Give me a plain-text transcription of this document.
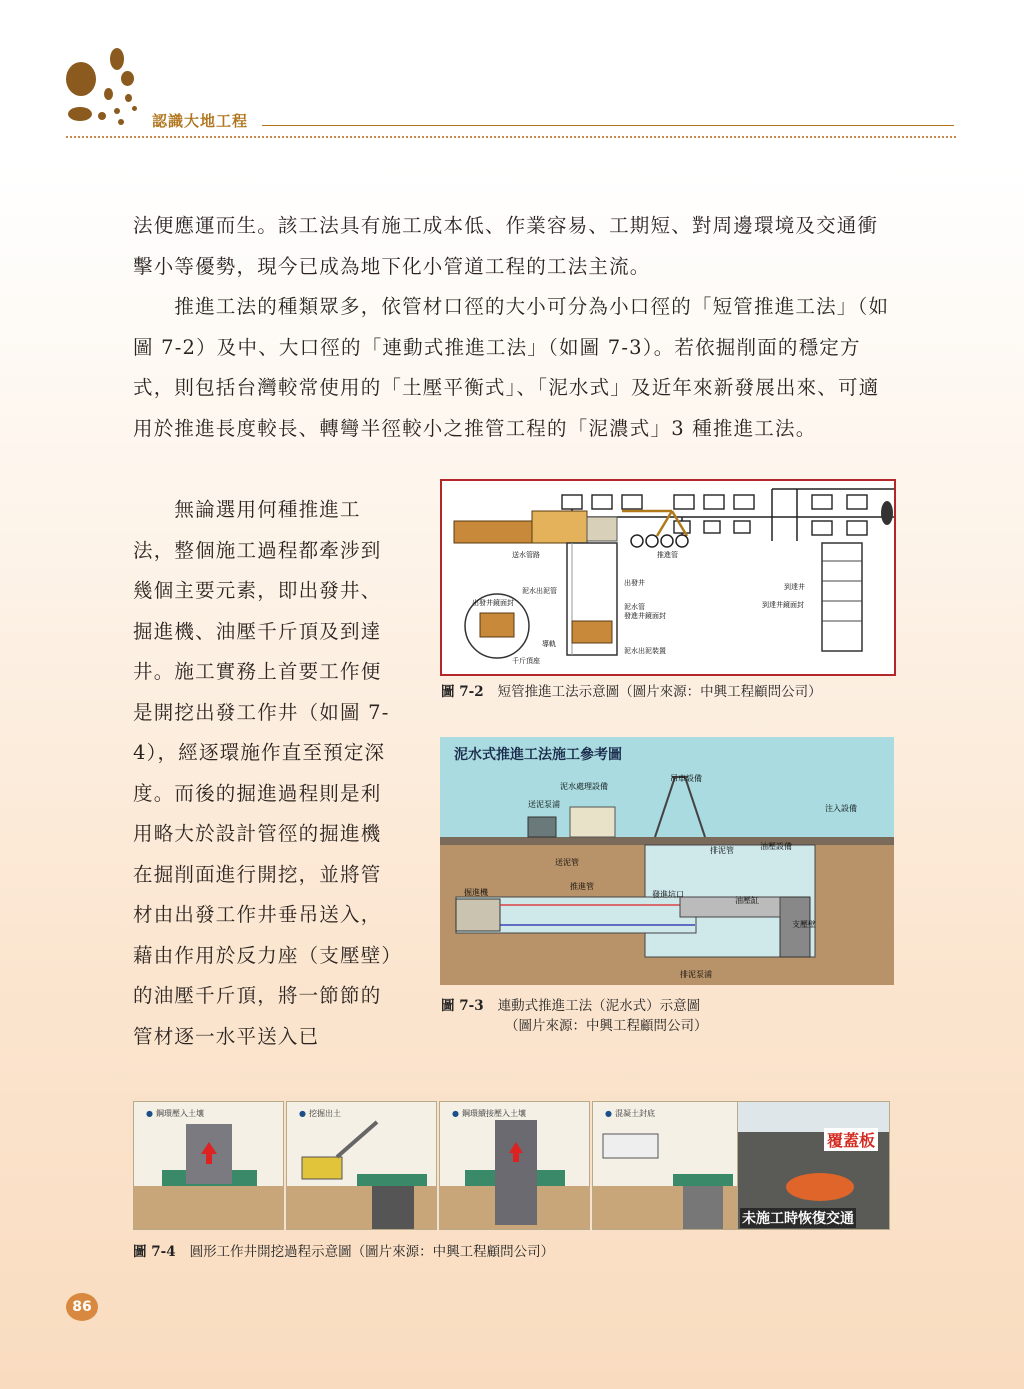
認識大地工程

法便應運而生。該工法具有施工成本低、作業容易、工期短、對周邊環境及交通衝擊小等優勢，現今已成為地下化小管道工程的工法主流。

　　推進工法的種類眾多，依管材口徑的大小可分為小口徑的「短管推進工法」（如圖 7-2）及中、大口徑的「連動式推進工法」（如圖 7-3）。若依掘削面的穩定方式，則包括台灣較常使用的「土壓平衡式」、「泥水式」及近年來新發展出來、可適用於推進長度較長、轉彎半徑較小之推管工程的「泥濃式」3 種推進工法。

　　無論選用何種推進工法，整個施工過程都牽涉到幾個主要元素，即出發井、掘進機、油壓千斤頂及到達井。施工實務上首要工作便是開挖出發工作井（如圖 7-4），經逐環施作直至預定深度。而後的掘進過程則是利用略大於設計管徑的掘進機在掘削面進行開挖，並將管材由出發工作井垂吊送入，藉由作用於反力座（支壓壁）的油壓千斤頂，將一節節的管材逐一水平送入已

送水管路	推進管
泥水出泥管
出發井
出發井鏡面封	泥水管
發進井鏡面封
到達井
到達井鏡面封
千斤頂座
導軌
泥水出泥裝置
圖 7-2 短管推進工法示意圖（圖片來源：中興工程顧問公司）
泥水式推進工法施工參考圖
泥水處理設備
送泥泵浦
吊車設備
注入設備
排泥管	油壓設備
送泥管
推進管
掘進機	發進坑口
油壓缸
支壓壁
排泥泵浦
圖 7-3 連動式推進工法（泥水式）示意圖
（圖片來源：中興工程顧問公司）
● 鋼環壓入土壤	● 挖掘出土	● 鋼環續接壓入土壤	● 混凝土封底
覆蓋板
未施工時恢復交通
圖 7-4 圓形工作井開挖過程示意圖（圖片來源：中興工程顧問公司）
86
